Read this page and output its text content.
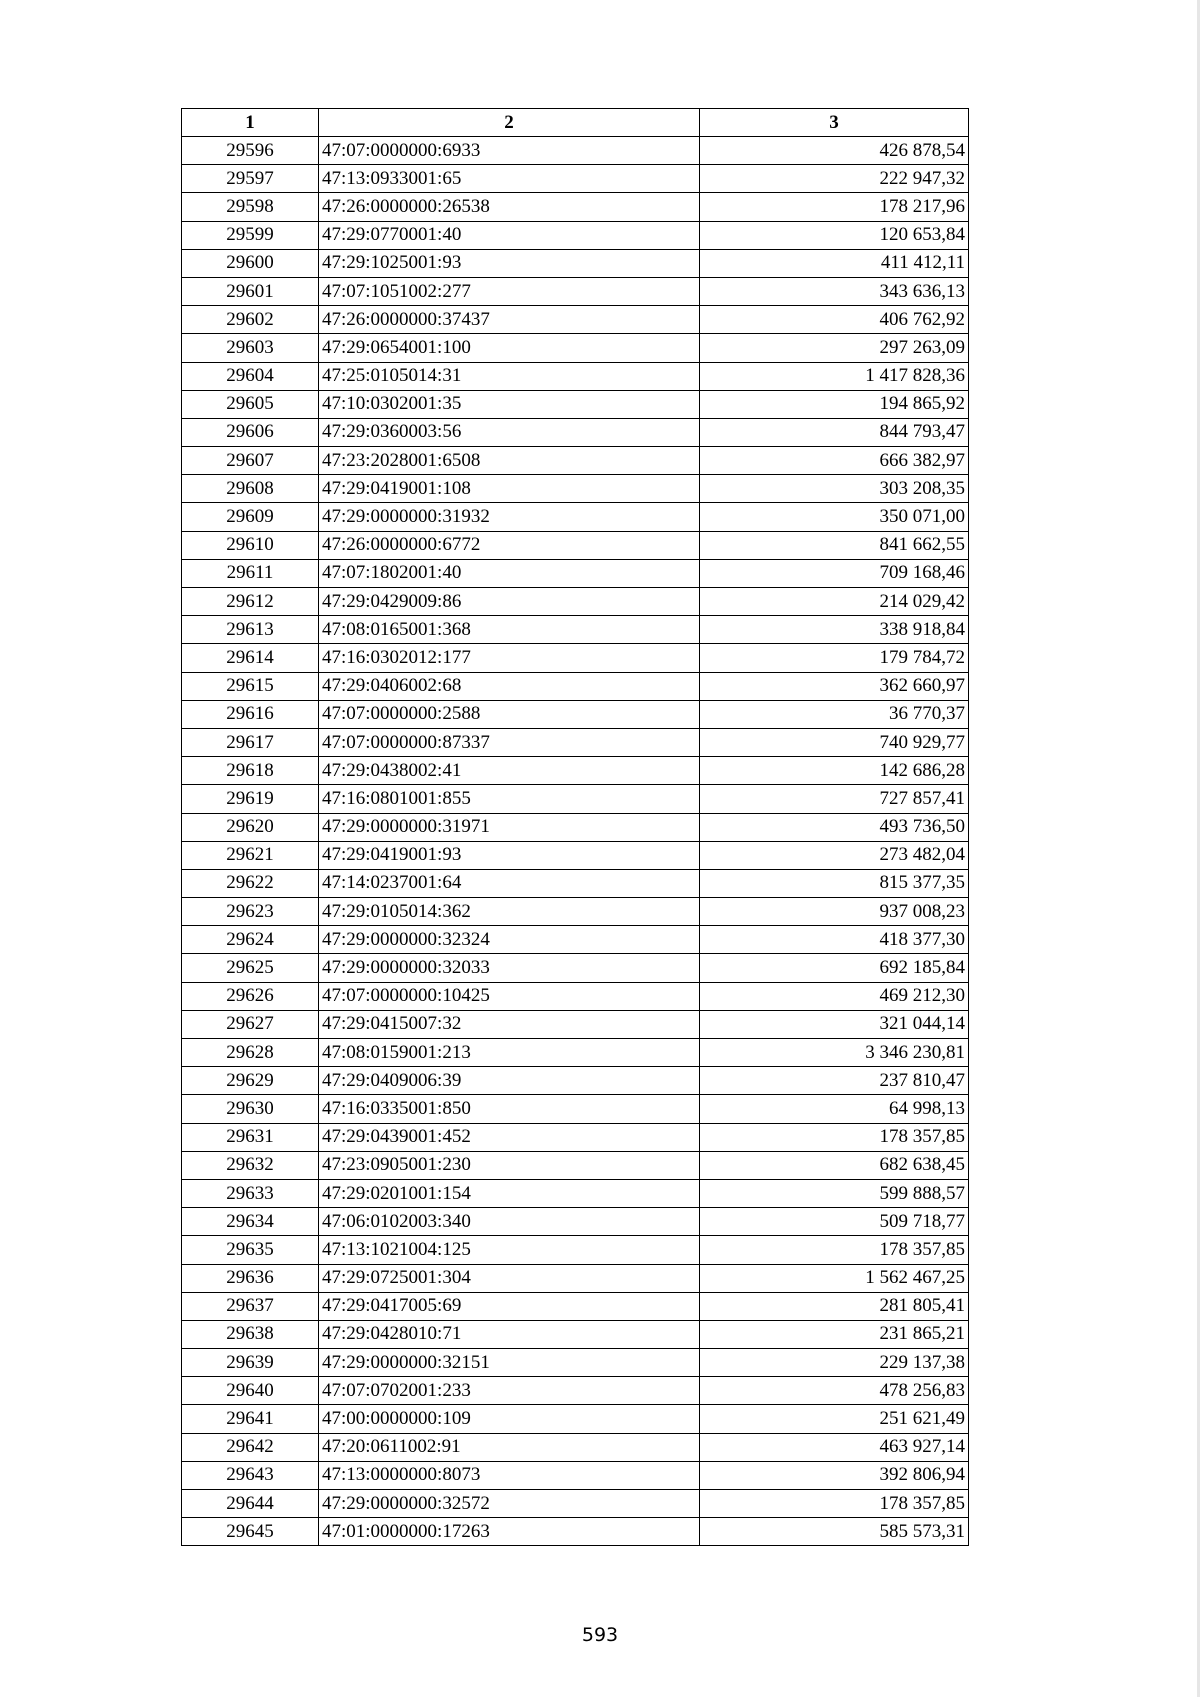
1	2	3
29596	47:07:0000000:6933	426 878,54
29597	47:13:0933001:65	222 947,32
29598	47:26:0000000:26538	178 217,96
29599	47:29:0770001:40	120 653,84
29600	47:29:1025001:93	411 412,11
29601	47:07:1051002:277	343 636,13
29602	47:26:0000000:37437	406 762,92
29603	47:29:0654001:100	297 263,09
29604	47:25:0105014:31	1 417 828,36
29605	47:10:0302001:35	194 865,92
29606	47:29:0360003:56	844 793,47
29607	47:23:2028001:6508	666 382,97
29608	47:29:0419001:108	303 208,35
29609	47:29:0000000:31932	350 071,00
29610	47:26:0000000:6772	841 662,55
29611	47:07:1802001:40	709 168,46
29612	47:29:0429009:86	214 029,42
29613	47:08:0165001:368	338 918,84
29614	47:16:0302012:177	179 784,72
29615	47:29:0406002:68	362 660,97
29616	47:07:0000000:2588	36 770,37
29617	47:07:0000000:87337	740 929,77
29618	47:29:0438002:41	142 686,28
29619	47:16:0801001:855	727 857,41
29620	47:29:0000000:31971	493 736,50
29621	47:29:0419001:93	273 482,04
29622	47:14:0237001:64	815 377,35
29623	47:29:0105014:362	937 008,23
29624	47:29:0000000:32324	418 377,30
29625	47:29:0000000:32033	692 185,84
29626	47:07:0000000:10425	469 212,30
29627	47:29:0415007:32	321 044,14
29628	47:08:0159001:213	3 346 230,81
29629	47:29:0409006:39	237 810,47
29630	47:16:0335001:850	64 998,13
29631	47:29:0439001:452	178 357,85
29632	47:23:0905001:230	682 638,45
29633	47:29:0201001:154	599 888,57
29634	47:06:0102003:340	509 718,77
29635	47:13:1021004:125	178 357,85
29636	47:29:0725001:304	1 562 467,25
29637	47:29:0417005:69	281 805,41
29638	47:29:0428010:71	231 865,21
29639	47:29:0000000:32151	229 137,38
29640	47:07:0702001:233	478 256,83
29641	47:00:0000000:109	251 621,49
29642	47:20:0611002:91	463 927,14
29643	47:13:0000000:8073	392 806,94
29644	47:29:0000000:32572	178 357,85
29645	47:01:0000000:17263	585 573,31
593
